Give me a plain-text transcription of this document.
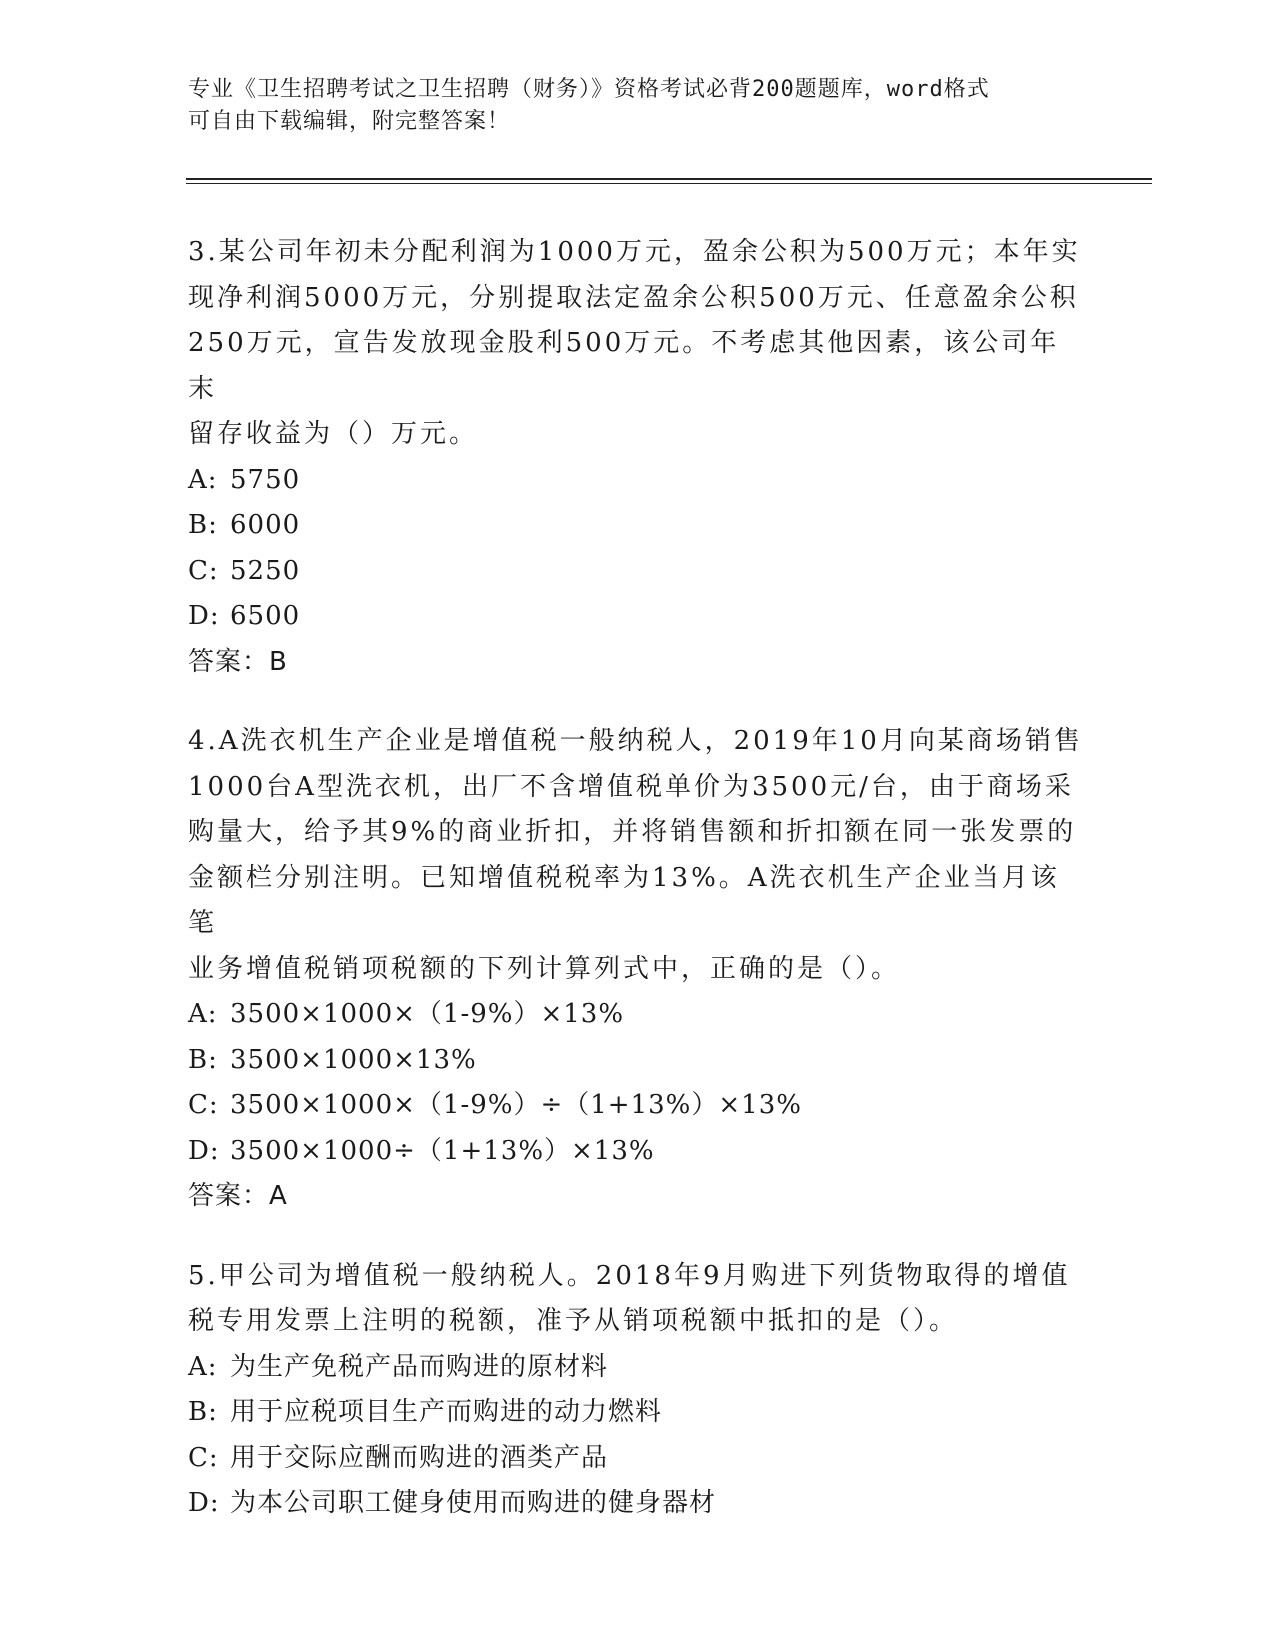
专业《卫生招聘考试之卫生招聘（财务）》资格考试必背200题题库，word格式
可自由下载编辑，附完整答案！

3.某公司年初未分配利润为1000万元，盈余公积为500万元；本年实

现净利润5000万元，分别提取法定盈余公积500万元、任意盈余公积

250万元，宣告发放现金股利500万元。不考虑其他因素，该公司年末

留存收益为（）万元。

A: 5750

B: 6000

C: 5250

D: 6500

答案：B

4.A洗衣机生产企业是增值税一般纳税人，2019年10月向某商场销售

1000台A型洗衣机，出厂不含增值税单价为3500元/台，由于商场采

购量大，给予其9%的商业折扣，并将销售额和折扣额在同一张发票的

金额栏分别注明。已知增值税税率为13%。A洗衣机生产企业当月该笔

业务增值税销项税额的下列计算列式中，正确的是（）。

A: 3500×1000×（1-9%）×13%

B: 3500×1000×13%

C: 3500×1000×（1-9%）÷（1+13%）×13%

D: 3500×1000÷（1+13%）×13%

答案：A

5.甲公司为增值税一般纳税人。2018年9月购进下列货物取得的增值

税专用发票上注明的税额，准予从销项税额中抵扣的是（）。

A: 为生产免税产品而购进的原材料

B: 用于应税项目生产而购进的动力燃料

C: 用于交际应酬而购进的酒类产品

D: 为本公司职工健身使用而购进的健身器材
